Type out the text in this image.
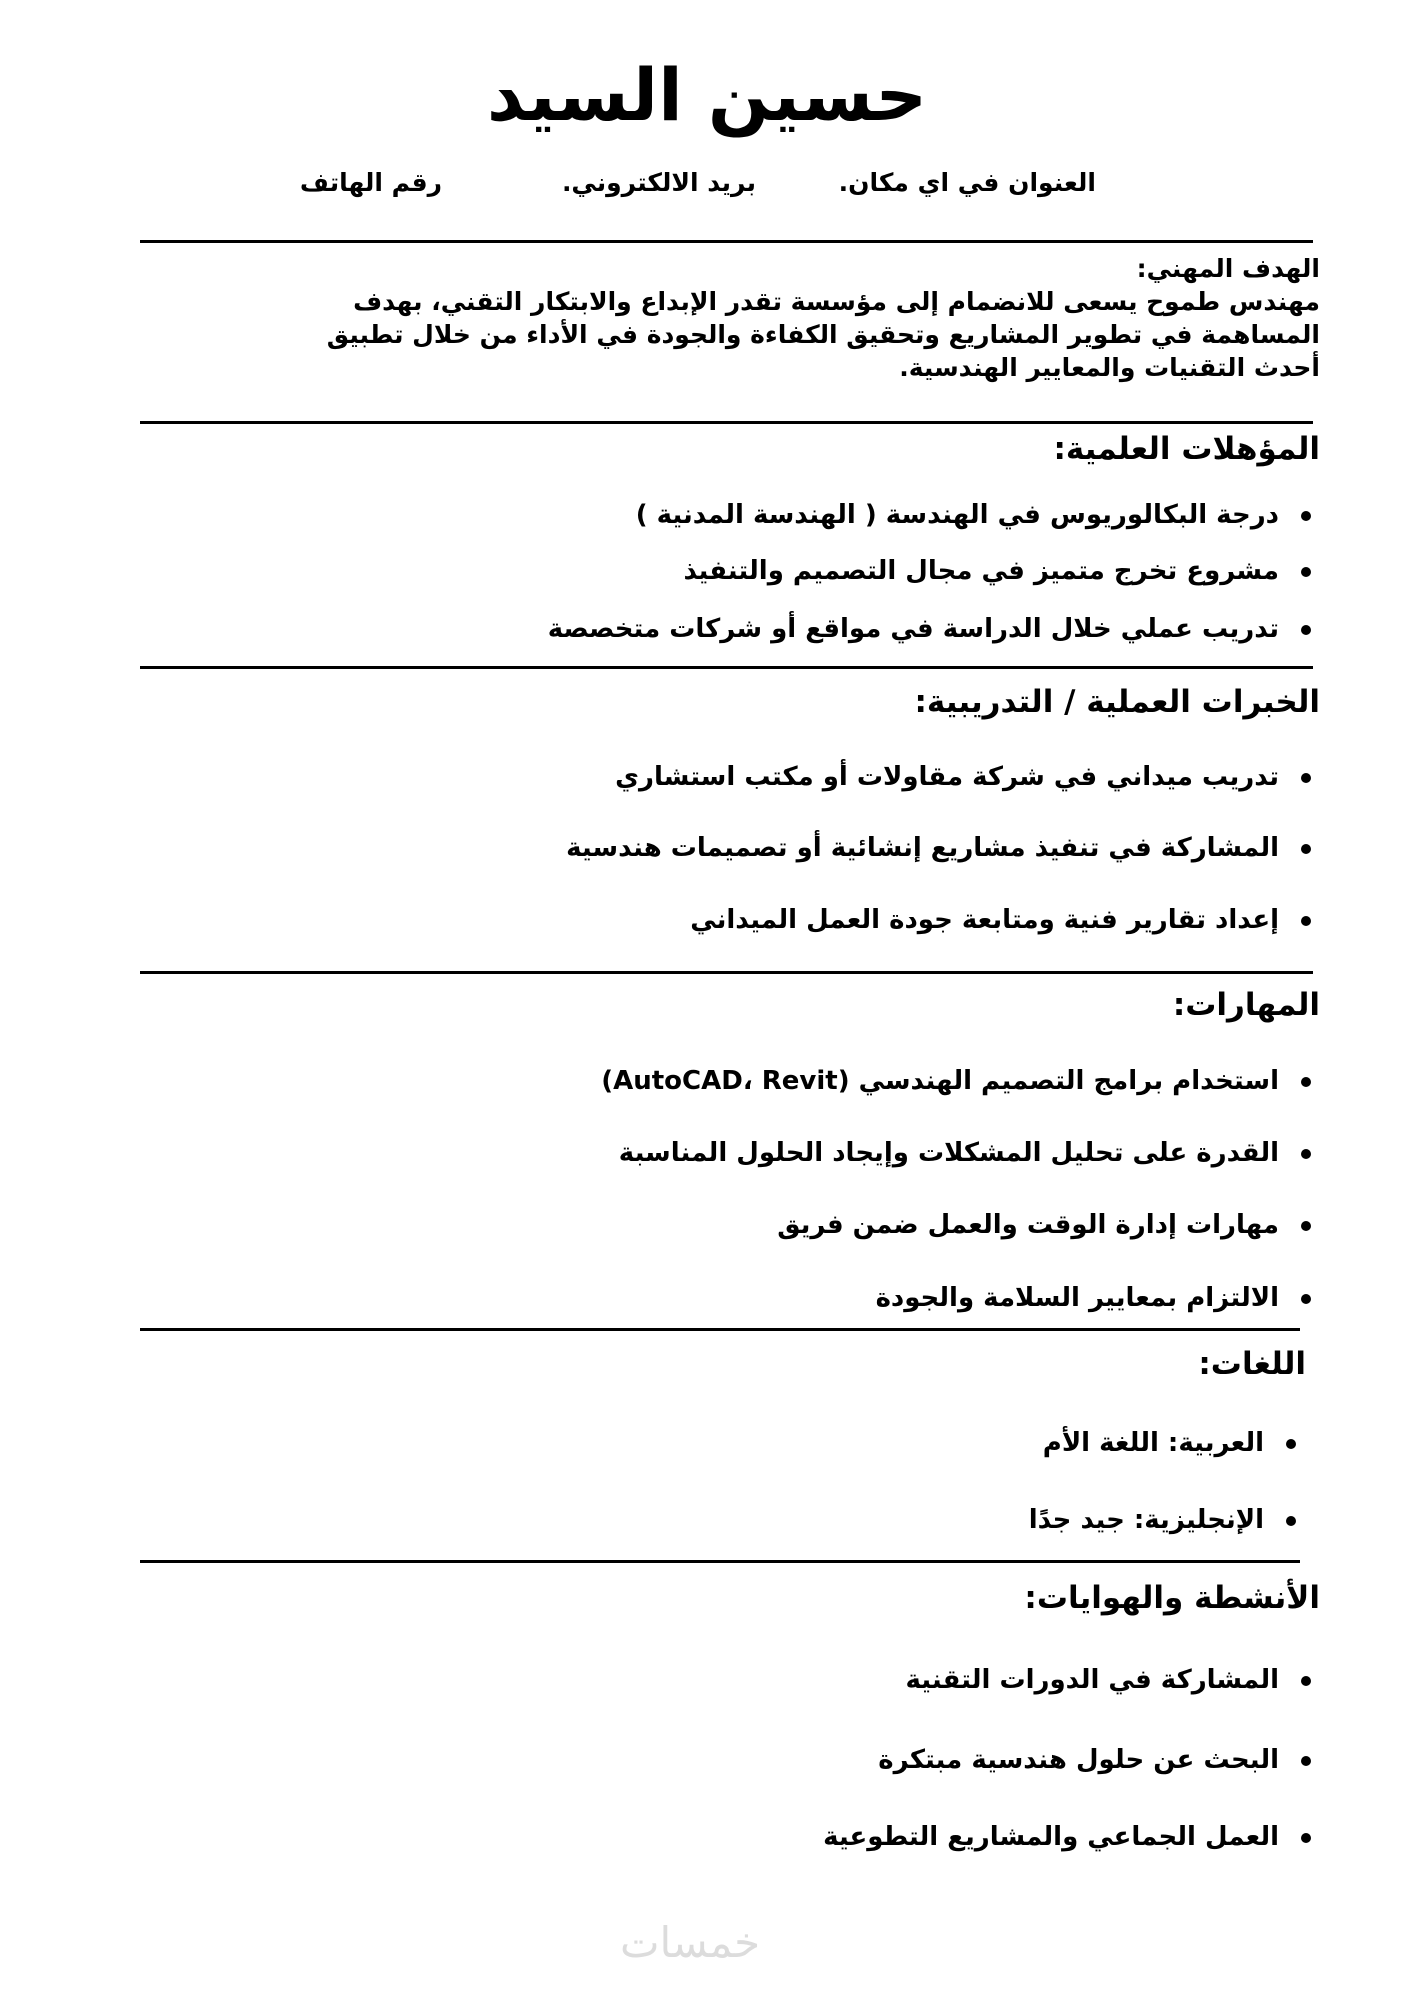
حسين السيد
العنوان في اي مكان.
بريد الالكتروني.
رقم الهاتف

الهدف المهني:

مهندس طموح يسعى للانضمام إلى مؤسسة تقدر الإبداع والابتكار التقني، بهدف

المساهمة في تطوير المشاريع وتحقيق الكفاءة والجودة في الأداء من خلال تطبيق

أحدث التقنيات والمعايير الهندسية.

المؤهلات العلمية:
درجة البكالوريوس في الهندسة ( الهندسة المدنية )
مشروع تخرج متميز في مجال التصميم والتنفيذ
تدريب عملي خلال الدراسة في مواقع أو شركات متخصصة
الخبرات العملية / التدريبية:
تدريب ميداني في شركة مقاولات أو مكتب استشاري
المشاركة في تنفيذ مشاريع إنشائية أو تصميمات هندسية
إعداد تقارير فنية ومتابعة جودة العمل الميداني
المهارات:
استخدام برامج التصميم الهندسي (AutoCAD، Revit)
القدرة على تحليل المشكلات وإيجاد الحلول المناسبة
مهارات إدارة الوقت والعمل ضمن فريق
الالتزام بمعايير السلامة والجودة
اللغات:
العربية: اللغة الأم
الإنجليزية: جيد جدًا
الأنشطة والهوايات:
المشاركة في الدورات التقنية
البحث عن حلول هندسية مبتكرة
العمل الجماعي والمشاريع التطوعية
خمسات
